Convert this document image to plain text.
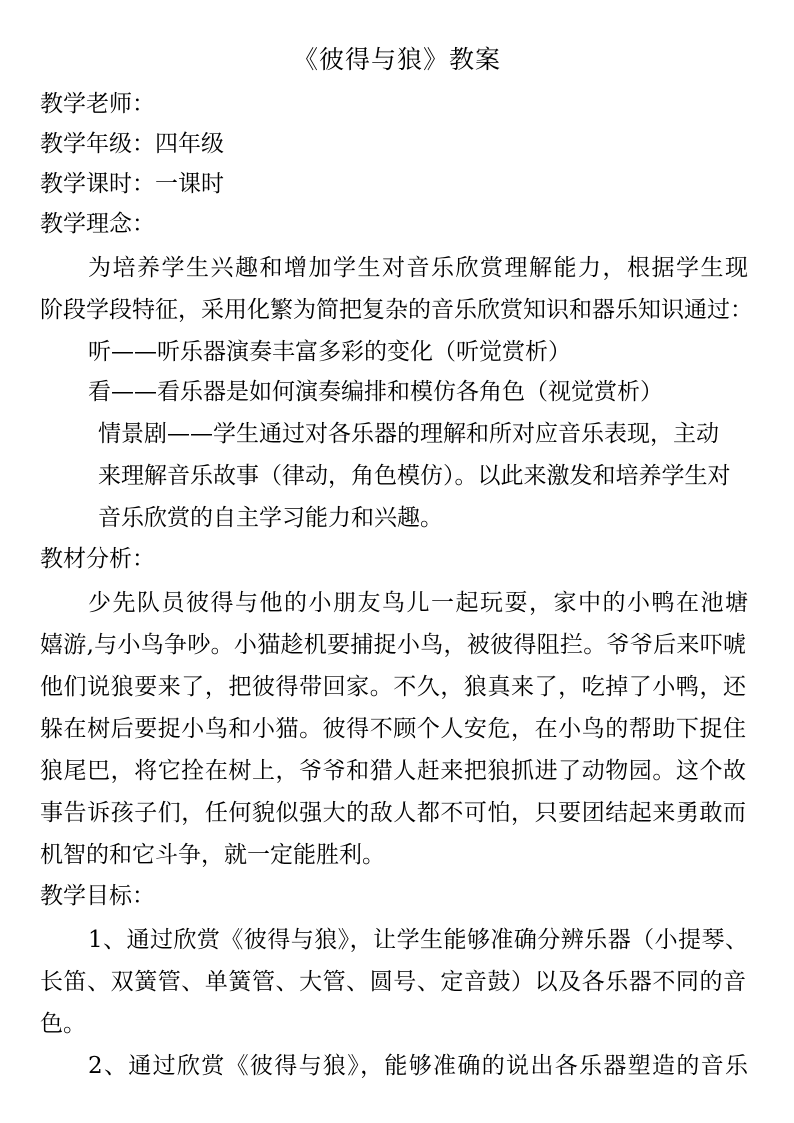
《彼得与狼》教案
教学老师：
教学年级：四年级
教学课时：一课时
教学理念：
为培养学生兴趣和增加学生对音乐欣赏理解能力，根据学生现
阶段学段特征，采用化繁为简把复杂的音乐欣赏知识和器乐知识通过：
听——听乐器演奏丰富多彩的变化（听觉赏析）
看——看乐器是如何演奏编排和模仿各角色（视觉赏析）
情景剧——学生通过对各乐器的理解和所对应音乐表现，主动
来理解音乐故事（律动，角色模仿）。以此来激发和培养学生对
音乐欣赏的自主学习能力和兴趣。
教材分析：
少先队员彼得与他的小朋友鸟儿一起玩耍，家中的小鸭在池塘
嬉游,与小鸟争吵。小猫趁机要捕捉小鸟，被彼得阻拦。爷爷后来吓唬
他们说狼要来了，把彼得带回家。不久，狼真来了，吃掉了小鸭，还
躲在树后要捉小鸟和小猫。彼得不顾个人安危，在小鸟的帮助下捉住
狼尾巴，将它拴在树上，爷爷和猎人赶来把狼抓进了动物园。这个故
事告诉孩子们，任何貌似强大的敌人都不可怕，只要团结起来勇敢而
机智的和它斗争，就一定能胜利。
教学目标：
1、通过欣赏《彼得与狼》，让学生能够准确分辨乐器（小提琴、
长笛、双簧管、单簧管、大管、圆号、定音鼓）以及各乐器不同的音
色。
2、通过欣赏《彼得与狼》，能够准确的说出各乐器塑造的音乐
